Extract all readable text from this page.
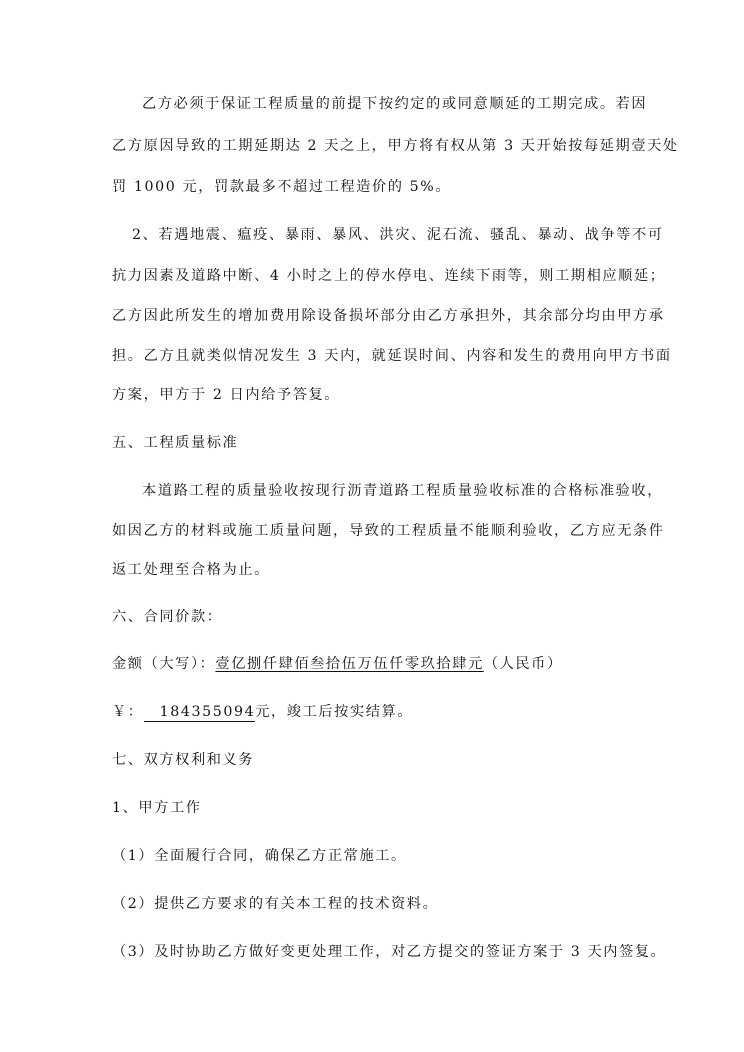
乙方必须于保证工程质量的前提下按约定的或同意顺延的工期完成。若因
乙方原因导致的工期延期达 2 天之上，甲方将有权从第 3 天开始按每延期壹天处
罚 1000 元，罚款最多不超过工程造价的 5%。
2、若遇地震、瘟疫、暴雨、暴风、洪灾、泥石流、骚乱、暴动、战争等不可
抗力因素及道路中断、4 小时之上的停水停电、连续下雨等，则工期相应顺延；
乙方因此所发生的增加费用除设备损坏部分由乙方承担外，其余部分均由甲方承
担。乙方且就类似情况发生 3 天内，就延误时间、内容和发生的费用向甲方书面
方案，甲方于 2 日内给予答复。
五、工程质量标准
本道路工程的质量验收按现行沥青道路工程质量验收标准的合格标准验收，
如因乙方的材料或施工质量问题，导致的工程质量不能顺利验收，乙方应无条件
返工处理至合格为止。
六、合同价款：
金额（大写）：壹亿捌仟肆佰叁拾伍万伍仟零玖拾肆元（人民币）
￥： 184355094元，竣工后按实结算。
七、双方权利和义务
1、甲方工作
（1）全面履行合同，确保乙方正常施工。
（2）提供乙方要求的有关本工程的技术资料。
（3）及时协助乙方做好变更处理工作，对乙方提交的签证方案于 3 天内签复。
